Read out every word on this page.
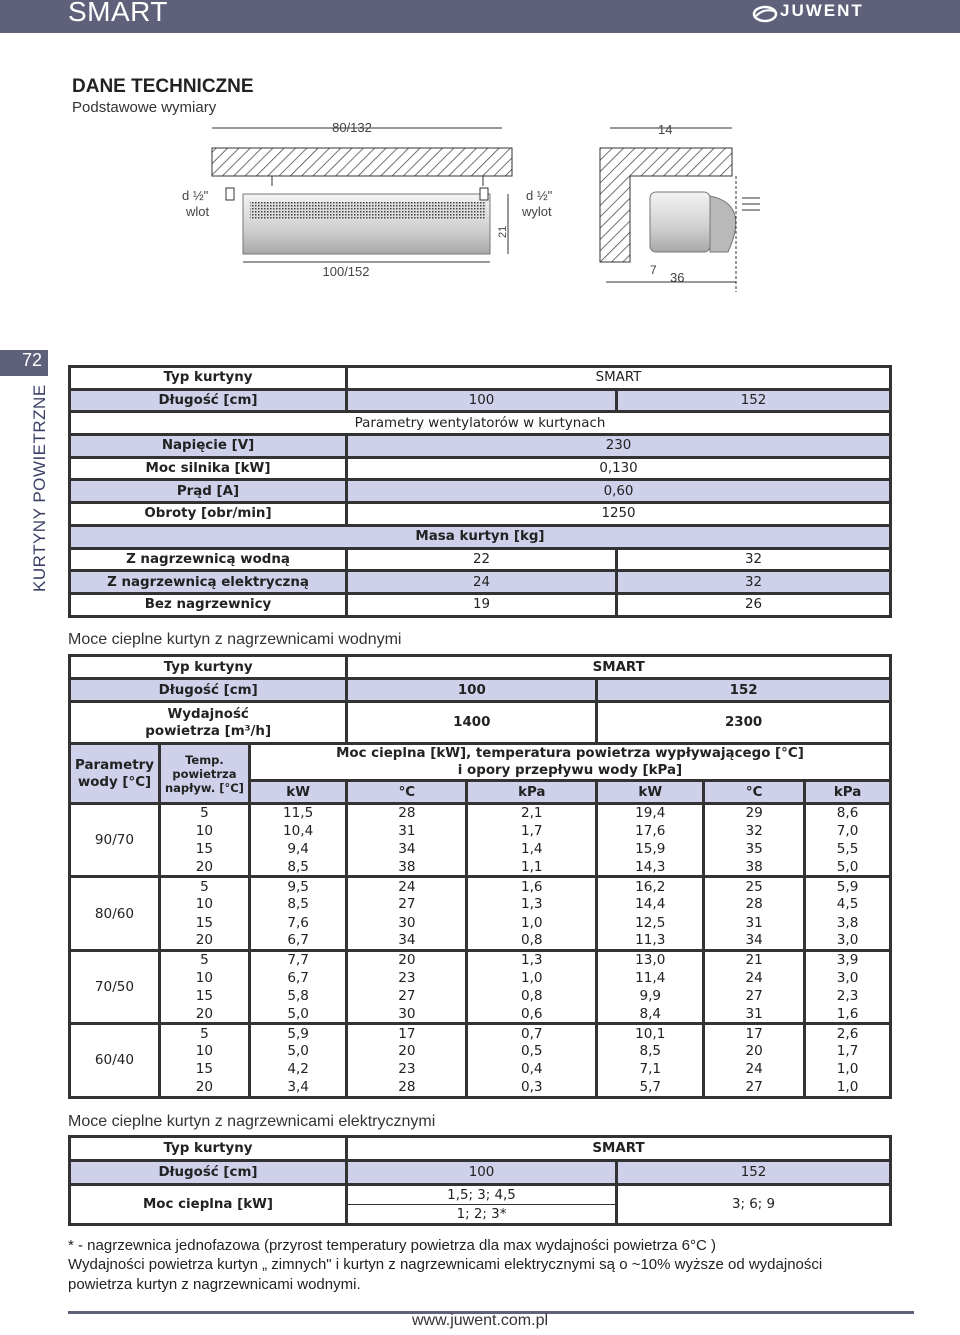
SMART	JUWENT
72
KURTYNY POWIETRZNE
DANE TECHNICZNE
Podstawowe wymiary
80/132
d ½"
wlot
d ½"
wylot
100/152
21
14
36
7
Typ kurtyny	SMART	
Długość [cm]	100	152
Parametry wentylatorów w kurtynach		
Napięcie [V]	230	
Moc silnika [kW]	0,130	
Prąd [A]	0,60	
Obroty [obr/min]	1250	
Masa kurtyn [kg]		
Z nagrzewnicą wodną	22	32
Z nagrzewnicą elektryczną	24	32
Bez nagrzewnicy	19	26
Moce cieplne kurtyn z nagrzewnicami wodnymi
Typ kurtyny			SMART				
Długość [cm]			100		152		
Wydajność
powietrza [m³/h]			1400		2300		
Parametry
wody [°C]	Temp.
powietrza
napływ. [°C]	Moc cieplna [kW], temperatura powietrza wypływającego [°C]
i opory przepływu wody [kPa]					
		kW	°C	kPa	kW	°C	kPa
90/70	5	11,5	28	2,1	19,4	29	8,6
	10	10,4	31	1,7	17,6	32	7,0
	15	9,4	34	1,4	15,9	35	5,5
	20	8,5	38	1,1	14,3	38	5,0
80/60	5	9,5	24	1,6	16,2	25	5,9
	10	8,5	27	1,3	14,4	28	4,5
	15	7,6	30	1,0	12,5	31	3,8
	20	6,7	34	0,8	11,3	34	3,0
70/50	5	7,7	20	1,3	13,0	21	3,9
	10	6,7	23	1,0	11,4	24	3,0
	15	5,8	27	0,8	9,9	27	2,3
	20	5,0	30	0,6	8,4	31	1,6
60/40	5	5,9	17	0,7	10,1	17	2,6
	10	5,0	20	0,5	8,5	20	1,7
	15	4,2	23	0,4	7,1	24	1,0
	20	3,4	28	0,3	5,7	27	1,0
Moce cieplne kurtyn z nagrzewnicami elektrycznymi
Typ kurtyny	SMART	
Długość [cm]	100	152
Moc cieplna [kW]	1,5; 3; 4,5	3; 6; 9
	1; 2; 3*	
* - nagrzewnica jednofazowa (przyrost temperatury powietrza dla max wydajności powietrza 6°C )
Wydajności powietrza kurtyn „ zimnych" i kurtyn z nagrzewnicami elektrycznymi są o ~10% wyższe od wydajności
powietrza kurtyn z nagrzewnicami wodnymi.
www.juwent.com.pl
